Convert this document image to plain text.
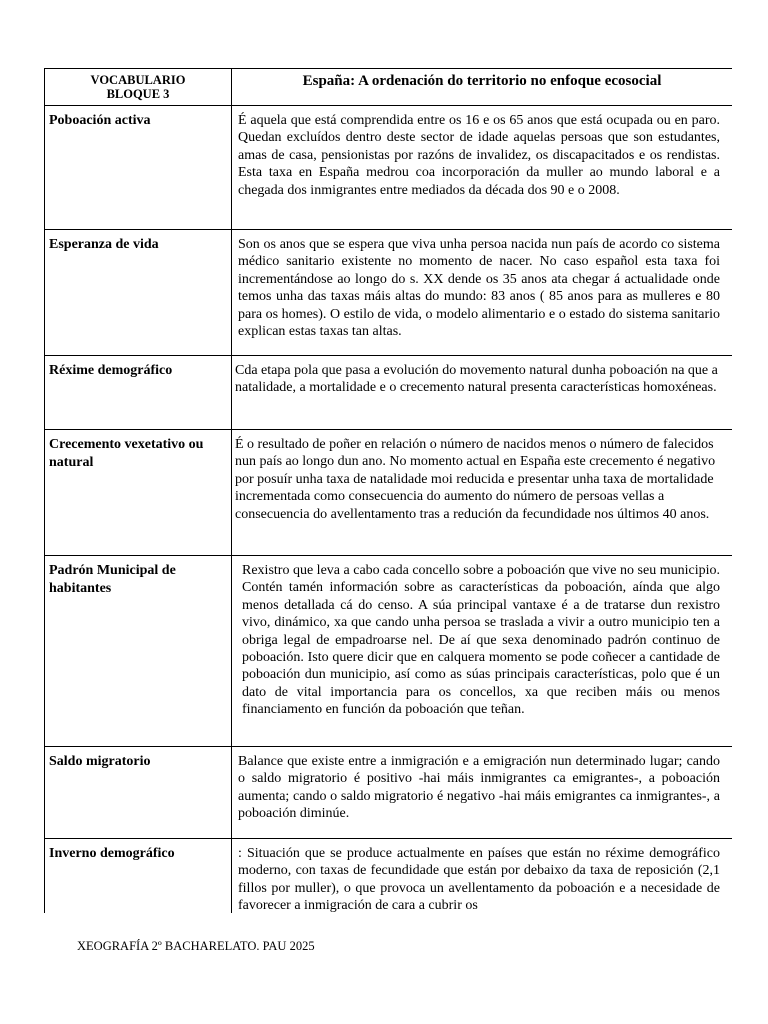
VOCABULARIO
BLOQUE 3	España: A ordenación do territorio no enfoque ecosocial
Poboación activa	É aquela que está comprendida entre os 16 e os 65 anos que está ocupada ou en paro. Quedan excluídos dentro deste sector de idade aquelas persoas que son estudantes, amas de casa, pensionistas por razóns de invalidez, os discapacitados e os rendistas. Esta taxa en España medrou coa incorporación da muller ao mundo laboral e a chegada dos inmigrantes entre mediados da década dos 90 e o 2008.
Esperanza de vida	Son os anos que se espera que viva unha persoa nacida nun país de acordo co sistema médico sanitario existente no momento de nacer. No caso español esta taxa foi incrementándose ao longo do s. XX dende os 35 anos ata chegar á actualidade onde temos unha das taxas máis altas do mundo: 83 anos ( 85 anos para as mulleres e 80 para os homes). O estilo de vida, o modelo alimentario e o estado do sistema sanitario explican estas taxas tan altas.
Réxime demográfico	Cda etapa pola que pasa a evolución do movemento natural dunha poboación na que a natalidade, a mortalidade e o crecemento natural presenta características homoxéneas.
Crecemento vexetativo ou natural	É o resultado de poñer en relación o número de nacidos menos o número de falecidos nun país ao longo dun ano. No momento actual en España este crecemento é negativo por posuír unha taxa de natalidade moi reducida e presentar unha taxa de mortalidade incrementada como consecuencia do aumento do número de persoas vellas a consecuencia do avellentamento tras a redución da fecundidade nos últimos 40 anos.
Padrón Municipal de habitantes	Rexistro que leva a cabo cada concello sobre a poboación que vive no seu municipio. Contén tamén información sobre as características da poboación, aínda que algo menos detallada cá do censo. A súa principal vantaxe é a de tratarse dun rexistro vivo, dinámico, xa que cando unha persoa se traslada a vivir a outro municipio ten a obriga legal de empadroarse nel. De aí que sexa denominado padrón continuo de poboación. Isto quere dicir que en calquera momento se pode coñecer a cantidade de poboación dun municipio, así como as súas principais características, polo que é un dato de vital importancia para os concellos, xa que reciben máis ou menos financiamento en función da poboación que teñan.
Saldo migratorio	Balance que existe entre a inmigración e a emigración nun determinado lugar; cando o saldo migratorio é positivo -hai máis inmigrantes ca emigrantes-, a poboación aumenta; cando o saldo migratorio é negativo -hai máis emigrantes ca inmigrantes-, a poboación diminúe.
Inverno demográfico	: Situación que se produce actualmente en países que están no réxime demográfico moderno, con taxas de fecundidade que están por debaixo da taxa de reposición (2,1 fillos por muller), o que provoca un avellentamento da poboación e a necesidade de favorecer a inmigración de cara a cubrir os
XEOGRAFÍA 2º BACHARELATO. PAU 2025
